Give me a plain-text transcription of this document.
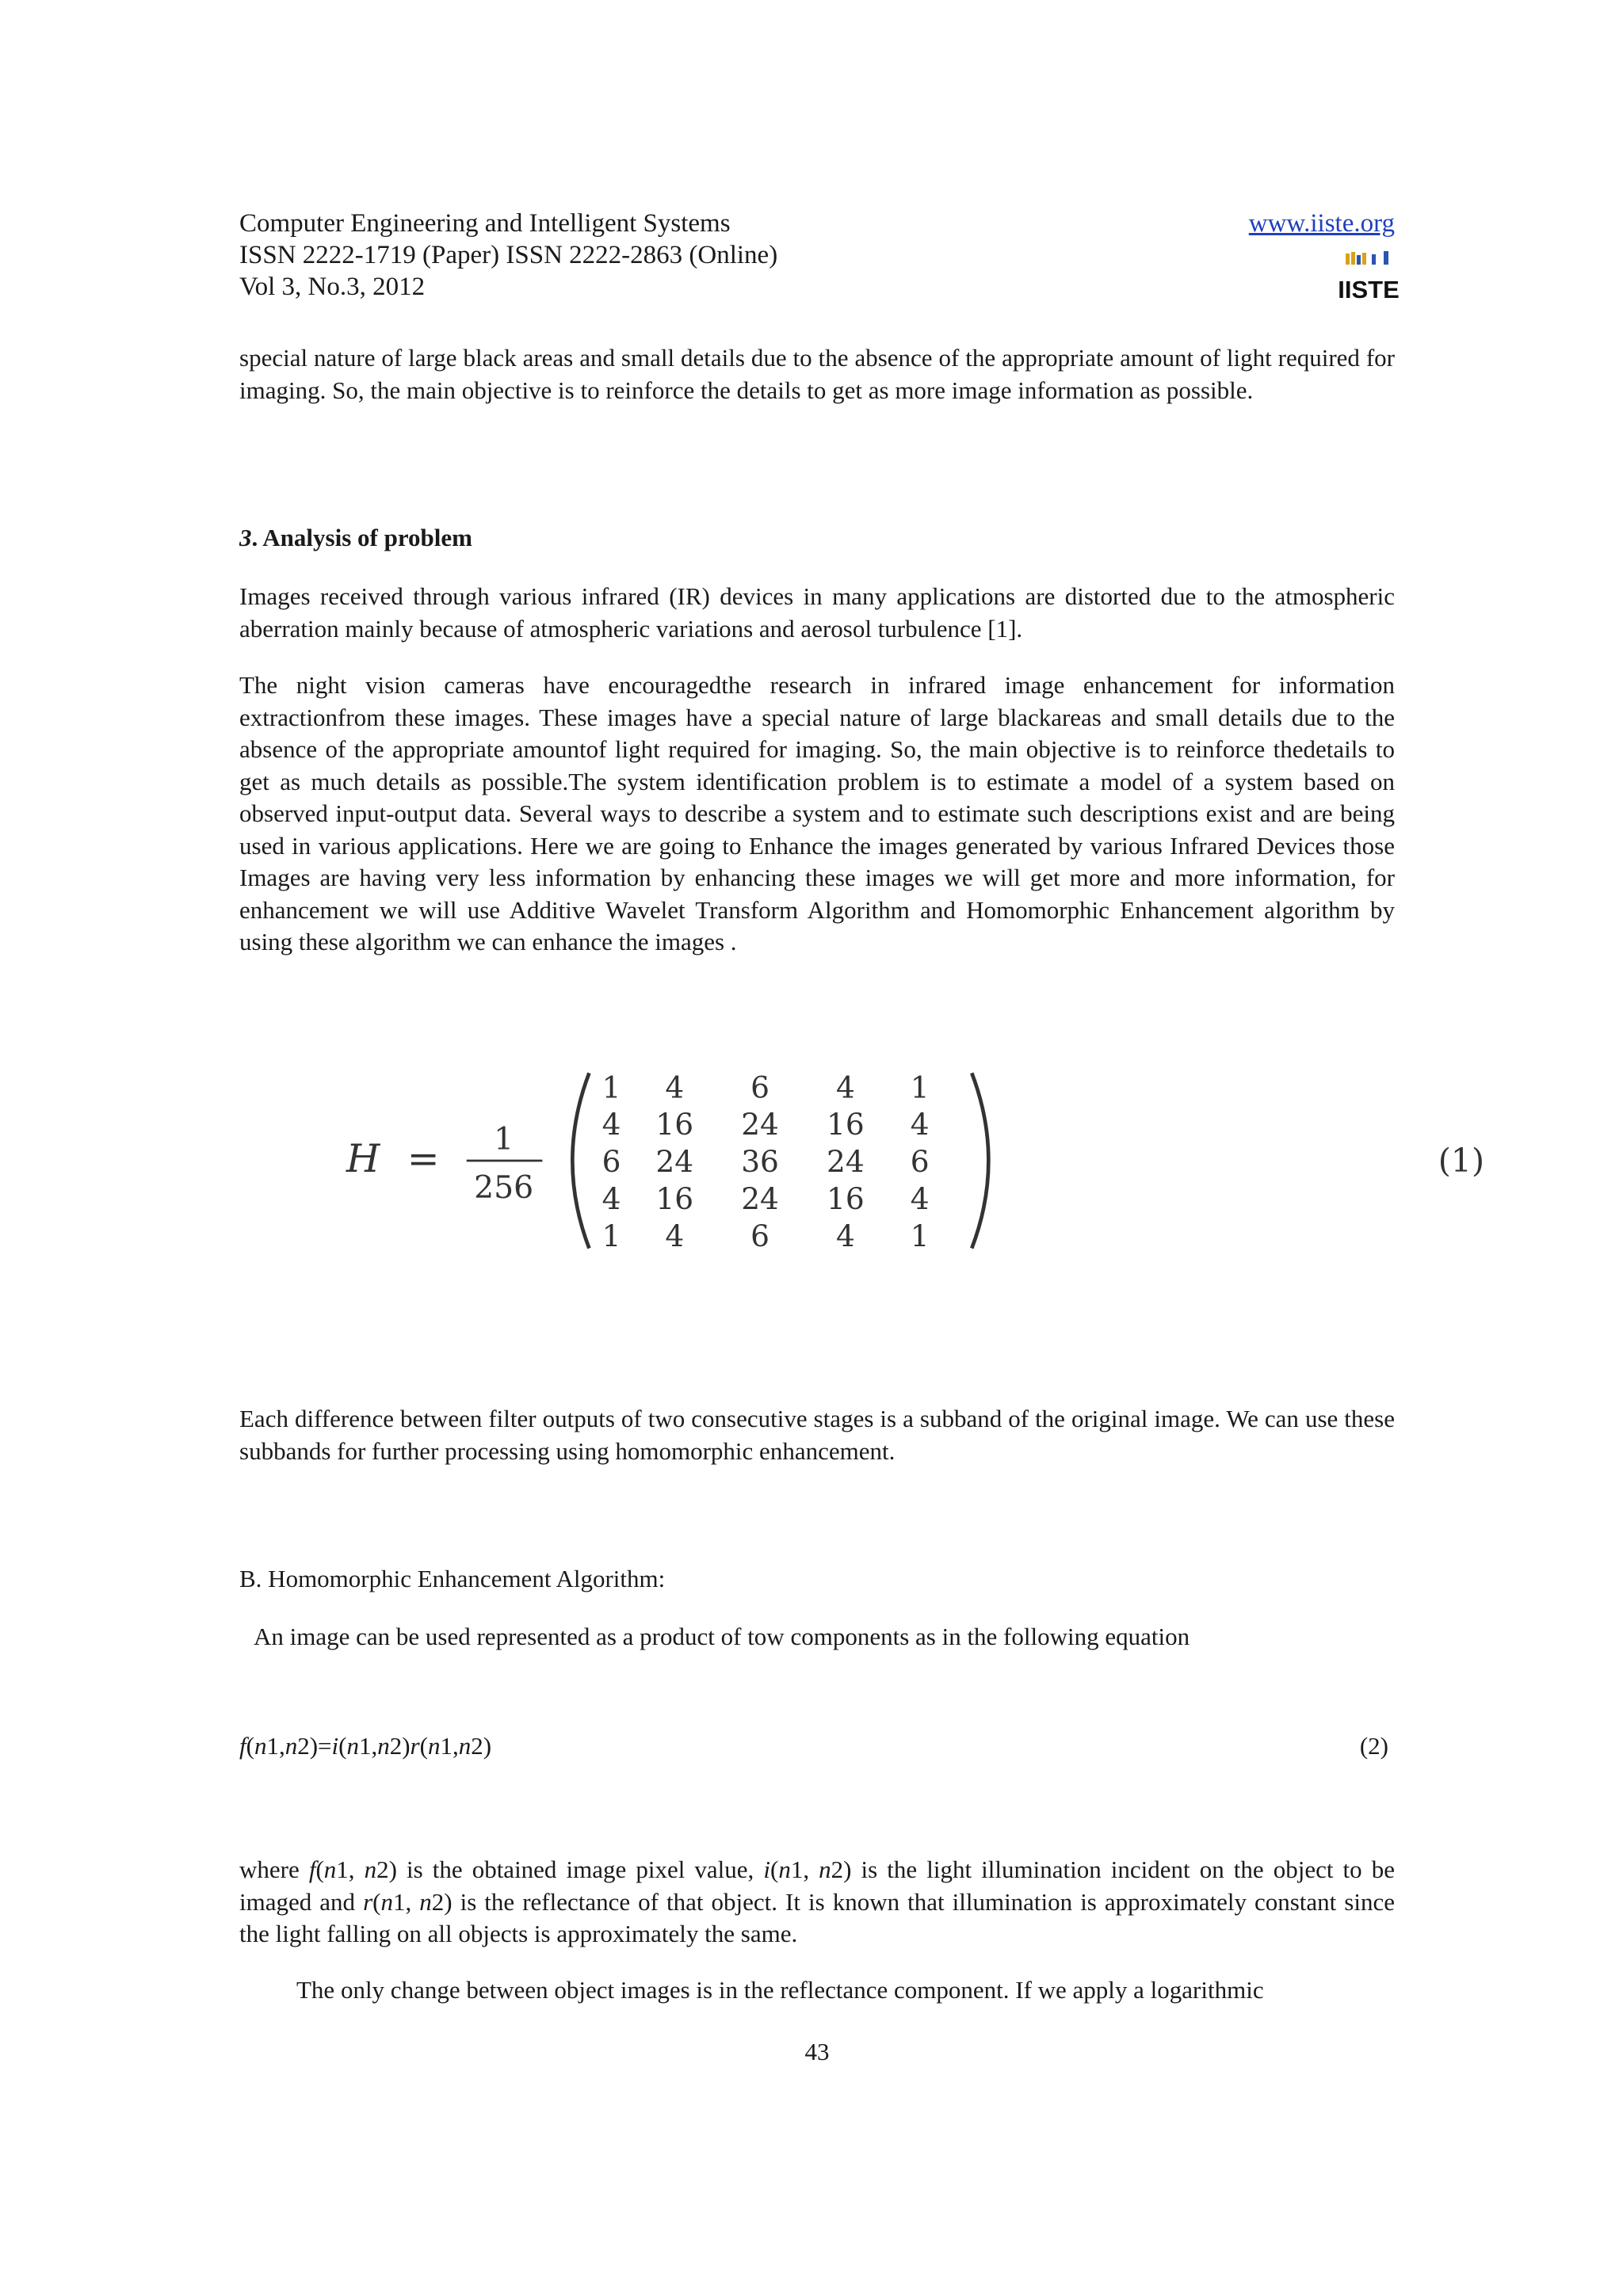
Computer Engineering and Intelligent Systems
ISSN 2222-1719 (Paper) ISSN 2222-2863 (Online)
Vol 3, No.3, 2012
www.iiste.org
IISTE

special nature of large black areas and small details due to the absence of the appropriate amount of light required for imaging. So, the main objective is to reinforce the details to get as more image information as possible.

3. Analysis of problem

Images received through various infrared (IR) devices in many applications are distorted due to the atmospheric aberration mainly because of atmospheric variations and aerosol turbulence [1].

The night vision cameras have encouragedthe research in infrared image enhancement for information extractionfrom these images. These images have a special nature of large blackareas and small details due to the absence of the appropriate amountof light required for imaging. So, the main objective is to reinforce thedetails to get as much details as possible.The system identification problem is to estimate a model of a system based on observed input-output data. Several ways to describe a system and to estimate such descriptions exist and are being used in various applications. Here we are going to Enhance the images generated by various Infrared Devices those Images are having very less information by enhancing these images we will get more and more information, for enhancement we will use Additive Wavelet Transform Algorithm and Homomorphic Enhancement algorithm by using these algorithm we can enhance the images .

Each difference between filter outputs of two consecutive stages is a subband of the original image. We can use these subbands for further processing using homomorphic enhancement.

B. Homomorphic Enhancement Algorithm:
An image can be used represented as a product of tow components as in the following equation
f(n1,n2)=i(n1,n2)r(n1,n2)	(2)

where f(n1, n2) is the obtained image pixel value, i(n1, n2) is the light illumination incident on the object to be imaged and r(n1, n2) is the reflectance of that object. It is known that illumination is approximately constant since the light falling on all objects is approximately the same.

The only change between object images is in the reflectance component. If we apply a logarithmic

43
H = 1
256
1 4 6 4 1
4 16 24 16 4
6 24 36 24 6
4 16 24 16 4
1 4 6 4 1
(1)
